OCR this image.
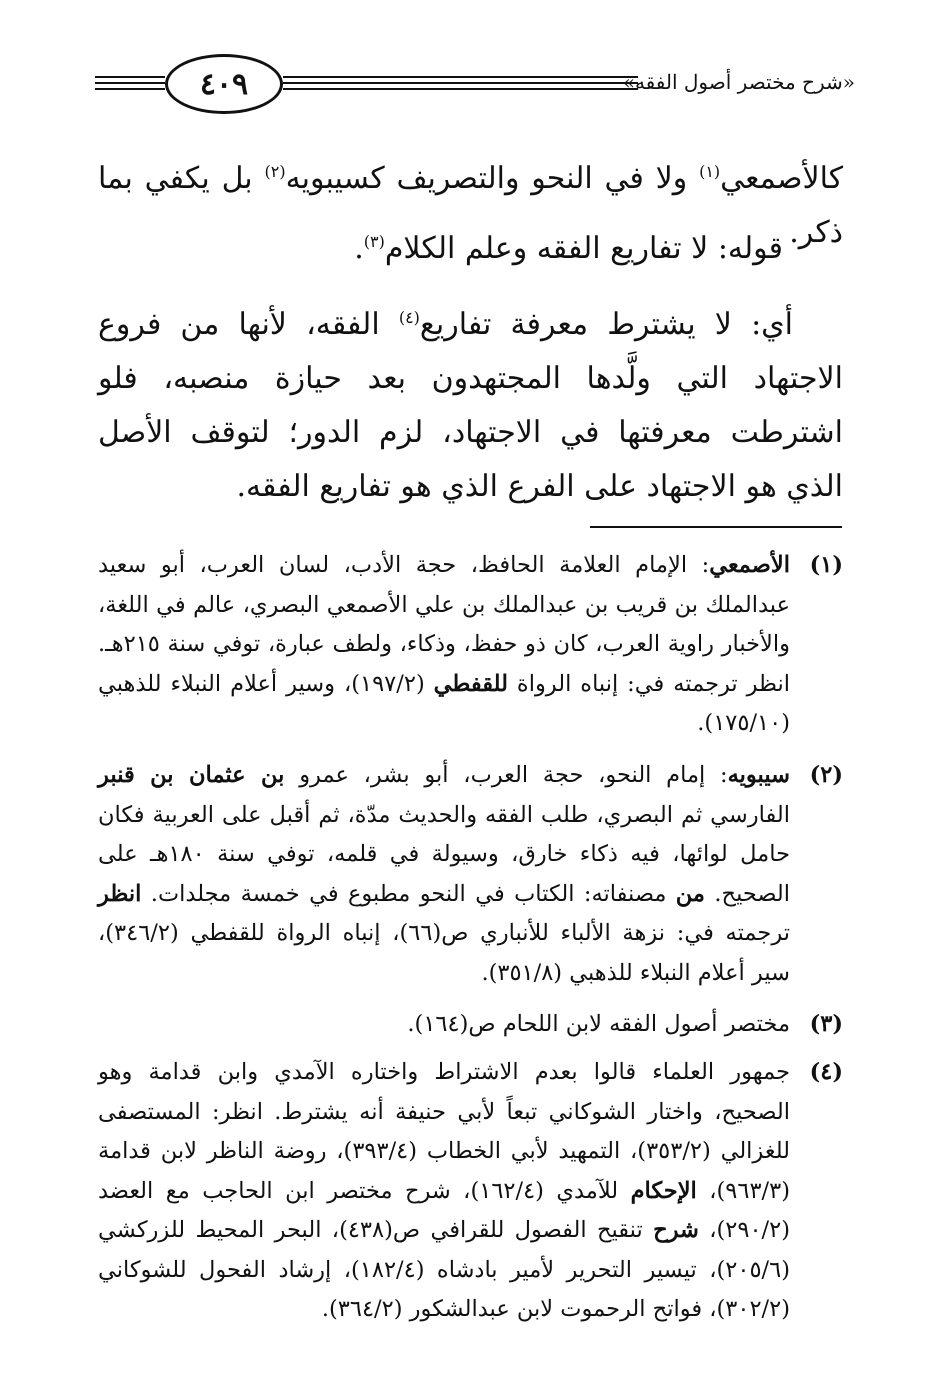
٤٠٩	«شرح مختصر أصول الفقه»
كالأصمعي$^{(١)}$ ولا في النحو والتصريف كسيبويه$^{(٢)}$ بل يكفي بما ذكر.
قوله: لا تفاريع الفقه وعلم الكلام$^{(٣)}$.
أي: لا يشترط معرفة تفاريع$^{(٤)}$ الفقه، لأنها من فروع الاجتهاد التي ولَّدها المجتهدون بعد حيازة منصبه، فلو اشترطت معرفتها في الاجتهاد، لزم الدور؛ لتوقف الأصل الذي هو الاجتهاد على الفرع الذي هو تفاريع الفقه.
(١)
الأصمعي: الإمام العلامة الحافظ، حجة الأدب، لسان العرب، أبو سعيد عبدالملك بن قريب بن عبدالملك بن علي الأصمعي البصري، عالم في اللغة، والأخبار راوية العرب، كان ذو حفظ، وذكاء، ولطف عبارة، توفي سنة ٢١٥هـ. انظر ترجمته في: إنباه الرواة للقفطي (١٩٧/٢)، وسير أعلام النبلاء للذهبي (١٧٥/١٠).
(٢)
سيبويه: إمام النحو، حجة العرب، أبو بشر، عمرو بن عثمان بن قنبر الفارسي ثم البصري، طلب الفقه والحديث مدّة، ثم أقبل على العربية فكان حامل لوائها، فيه ذكاء خارق، وسيولة في قلمه، توفي سنة ١٨٠هـ على الصحيح. من مصنفاته: الكتاب في النحو مطبوع في خمسة مجلدات. انظر ترجمته في: نزهة الألباء للأنباري ص(٦٦)، إنباه الرواة للقفطي (٣٤٦/٢)، سير أعلام النبلاء للذهبي (٣٥١/٨).
(٣)
مختصر أصول الفقه لابن اللحام ص(١٦٤).
(٤)
جمهور العلماء قالوا بعدم الاشتراط واختاره الآمدي وابن قدامة وهو الصحيح، واختار الشوكاني تبعاً لأبي حنيفة أنه يشترط. انظر: المستصفى للغزالي (٣٥٣/٢)، التمهيد لأبي الخطاب (٣٩٣/٤)، روضة الناظر لابن قدامة (٩٦٣/٣)، الإحكام للآمدي (١٦٢/٤)، شرح مختصر ابن الحاجب مع العضد (٢٩٠/٢)، شرح تنقيح الفصول للقرافي ص(٤٣٨)، البحر المحيط للزركشي (٢٠٥/٦)، تيسير التحرير لأمير بادشاه (١٨٢/٤)، إرشاد الفحول للشوكاني (٣٠٢/٢)، فواتح الرحموت لابن عبدالشكور (٣٦٤/٢).
